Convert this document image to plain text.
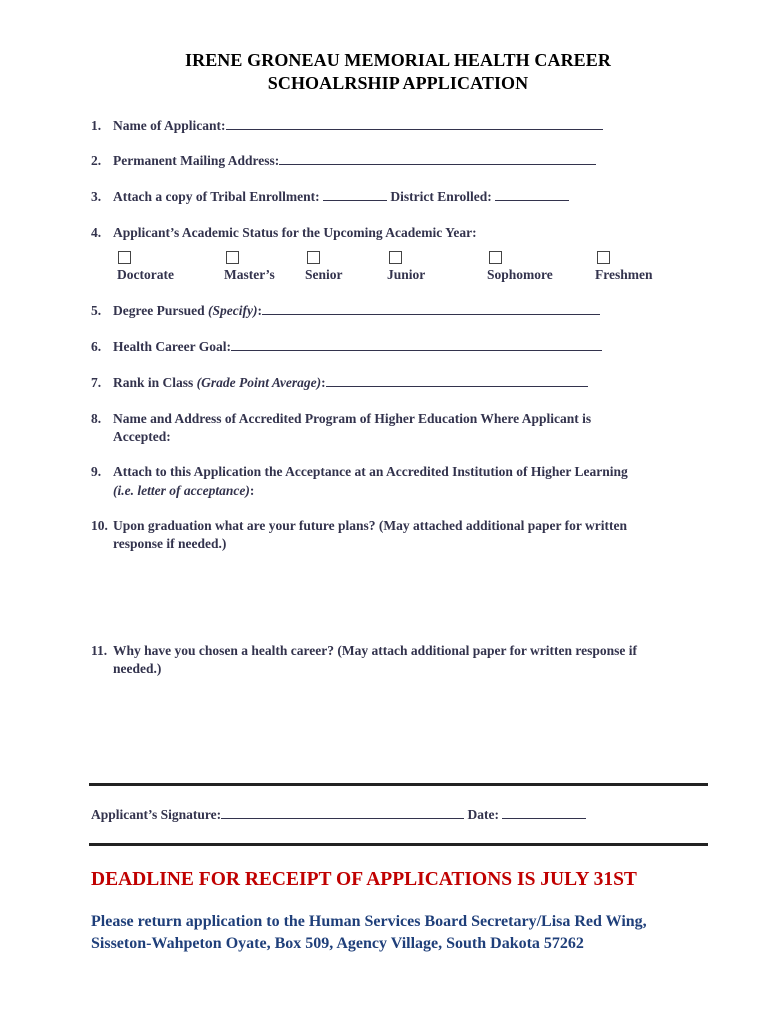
IRENE GRONEAU MEMORIAL HEALTH CAREER
SCHOALRSHIP APPLICATION
1. Name of Applicant:
2. Permanent Mailing Address:
3. Attach a copy of Tribal Enrollment:	District Enrolled:
4. Applicant’s Academic Status for the Upcoming Academic Year:
Doctorate	Master’s Senior	Junior	Sophomore	Freshmen
5. Degree Pursued (Specify):
6. Health Career Goal:
7. Rank in Class (Grade Point Average):
8. Name and Address of Accredited Program of Higher Education Where Applicant is
Accepted:
9. Attach to this Application the Acceptance at an Accredited Institution of Higher Learning
(i.e. letter of acceptance):
10. Upon graduation what are your future plans? (May attached additional paper for written
response if needed.)
11. Why have you chosen a health career? (May attach additional paper for written response if
needed.)
Applicant’s Signature:	Date:
DEADLINE FOR RECEIPT OF APPLICATIONS IS JULY 31ST
Please return application to the Human Services Board Secretary/Lisa Red Wing,
Sisseton-Wahpeton Oyate, Box 509, Agency Village, South Dakota 57262
